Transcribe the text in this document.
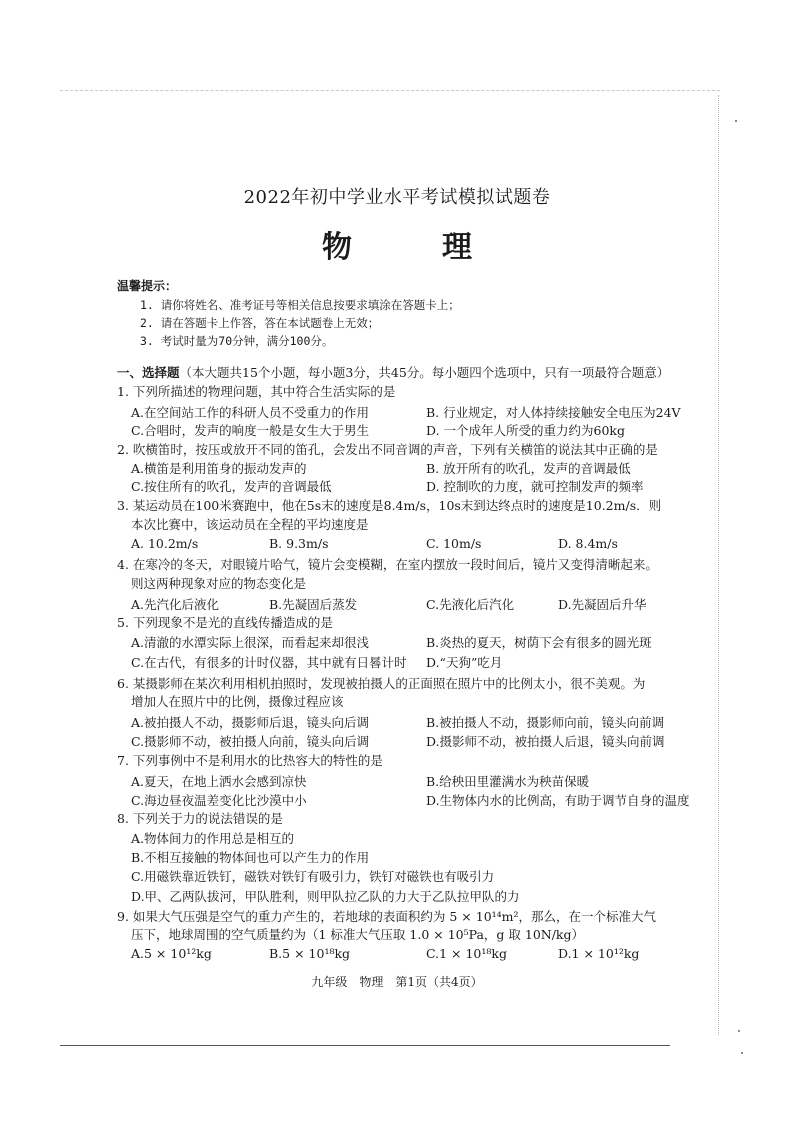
2022年初中学业水平考试模拟试题卷
物　理
温馨提示：
1. 请你将姓名、准考证号等相关信息按要求填涂在答题卡上；
2. 请在答题卡上作答，答在本试题卷上无效；
3. 考试时量为70分钟，满分100分。
一、选择题（本大题共15个小题，每小题3分，共45分。每小题四个选项中，只有一项最符合题意）
1. 下列所描述的物理问题，其中符合生活实际的是
A.在空间站工作的科研人员不受重力的作用	B. 行业规定，对人体持续接触安全电压为24V
C.合唱时，发声的响度一般是女生大于男生	D. 一个成年人所受的重力约为60kg
2. 吹横笛时，按压或放开不同的笛孔，会发出不同音调的声音，下列有关横笛的说法其中正确的是
A.横笛是利用笛身的振动发声的	B. 放开所有的吹孔，发声的音调最低
C.按住所有的吹孔，发声的音调最低	D. 控制吹的力度，就可控制发声的频率
3. 某运动员在100米赛跑中，他在5s末的速度是8.4m/s，10s末到达终点时的速度是10.2m/s．则
本次比赛中，该运动员在全程的平均速度是
A. 10.2m/s	B. 9.3m/s	C. 10m/s	D. 8.4m/s
4. 在寒冷的冬天，对眼镜片哈气，镜片会变模糊，在室内摆放一段时间后，镜片又变得清晰起来。
则这两种现象对应的物态变化是
A.先汽化后液化	B.先凝固后蒸发	C.先液化后汽化	D.先凝固后升华
5. 下列现象不是光的直线传播造成的是
A.清澈的水潭实际上很深，而看起来却很浅	B.炎热的夏天，树荫下会有很多的圆光斑
C.在古代，有很多的计时仪器，其中就有日晷计时 D.“天狗”吃月
6. 某摄影师在某次利用相机拍照时，发现被拍摄人的正面照在照片中的比例太小，很不美观。为
增加人在照片中的比例，摄像过程应该
A.被拍摄人不动，摄影师后退，镜头向后调	B.被拍摄人不动，摄影师向前，镜头向前调
C.摄影师不动，被拍摄人向前，镜头向后调	D.摄影师不动，被拍摄人后退，镜头向前调
7. 下列事例中不是利用水的比热容大的特性的是
A.夏天，在地上洒水会感到凉快	B.给秧田里灌满水为秧苗保暖
C.海边昼夜温差变化比沙漠中小	D.生物体内水的比例高，有助于调节自身的温度
8. 下列关于力的说法错误的是
A.物体间力的作用总是相互的
B.不相互接触的物体间也可以产生力的作用
C.用磁铁靠近铁钉，磁铁对铁钉有吸引力，铁钉对磁铁也有吸引力
D.甲、乙两队拔河，甲队胜利，则甲队拉乙队的力大于乙队拉甲队的力
9. 如果大气压强是空气的重力产生的，若地球的表面积约为 5 × 10¹⁴m²，那么，在一个标准大气
压下，地球周围的空气质量约为（1 标准大气压取 1.0 × 10⁵Pa，g 取 10N/kg）
A.5 × 10¹²kg	B.5 × 10¹⁸kg	C.1 × 10¹⁸kg	D.1 × 10¹²kg
九年级　物理　第1页（共4页）
